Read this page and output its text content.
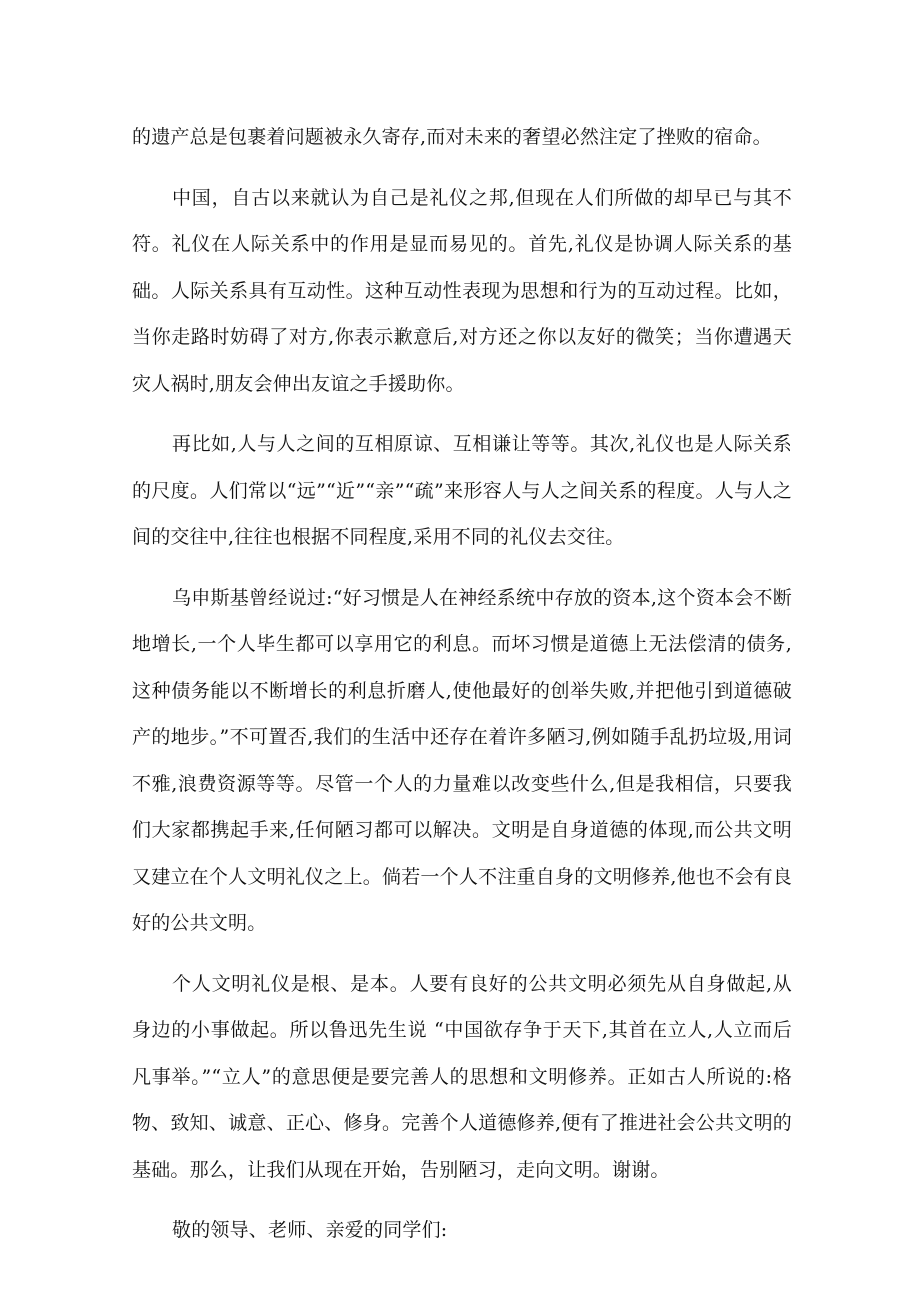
的遗产总是包裹着问题被永久寄存,而对未来的奢望必然注定了挫败的宿命。

中国，自古以来就认为自己是礼仪之邦,但现在人们所做的却早已与其不符。礼仪在人际关系中的作用是显而易见的。首先,礼仪是协调人际关系的基础。人际关系具有互动性。这种互动性表现为思想和行为的互动过程。比如，当你走路时妨碍了对方,你表示歉意后,对方还之你以友好的微笑；当你遭遇天灾人祸时,朋友会伸出友谊之手援助你。

再比如,人与人之间的互相原谅、互相谦让等等。其次,礼仪也是人际关系的尺度。人们常以“远”“近”“亲”“疏”来形容人与人之间关系的程度。人与人之间的交往中,往往也根据不同程度,采用不同的礼仪去交往。

乌申斯基曾经说过:“好习惯是人在神经系统中存放的资本,这个资本会不断地增长,一个人毕生都可以享用它的利息。而坏习惯是道德上无法偿清的债务,这种债务能以不断增长的利息折磨人,使他最好的创举失败,并把他引到道德破产的地步。”不可置否,我们的生活中还存在着许多陋习,例如随手乱扔垃圾,用词不雅,浪费资源等等。尽管一个人的力量难以改变些什么,但是我相信，只要我们大家都携起手来,任何陋习都可以解决。文明是自身道德的体现,而公共文明又建立在个人文明礼仪之上。倘若一个人不注重自身的文明修养,他也不会有良好的公共文明。

个人文明礼仪是根、是本。人要有良好的公共文明必须先从自身做起,从身边的小事做起。所以鲁迅先生说 “中国欲存争于天下,其首在立人,人立而后凡事举。”“立人”的意思便是要完善人的思想和文明修养。正如古人所说的:格物、致知、诚意、正心、修身。完善个人道德修养,便有了推进社会公共文明的基础。那么，让我们从现在开始，告别陋习，走向文明。谢谢。

敬的领导、老师、亲爱的同学们:
